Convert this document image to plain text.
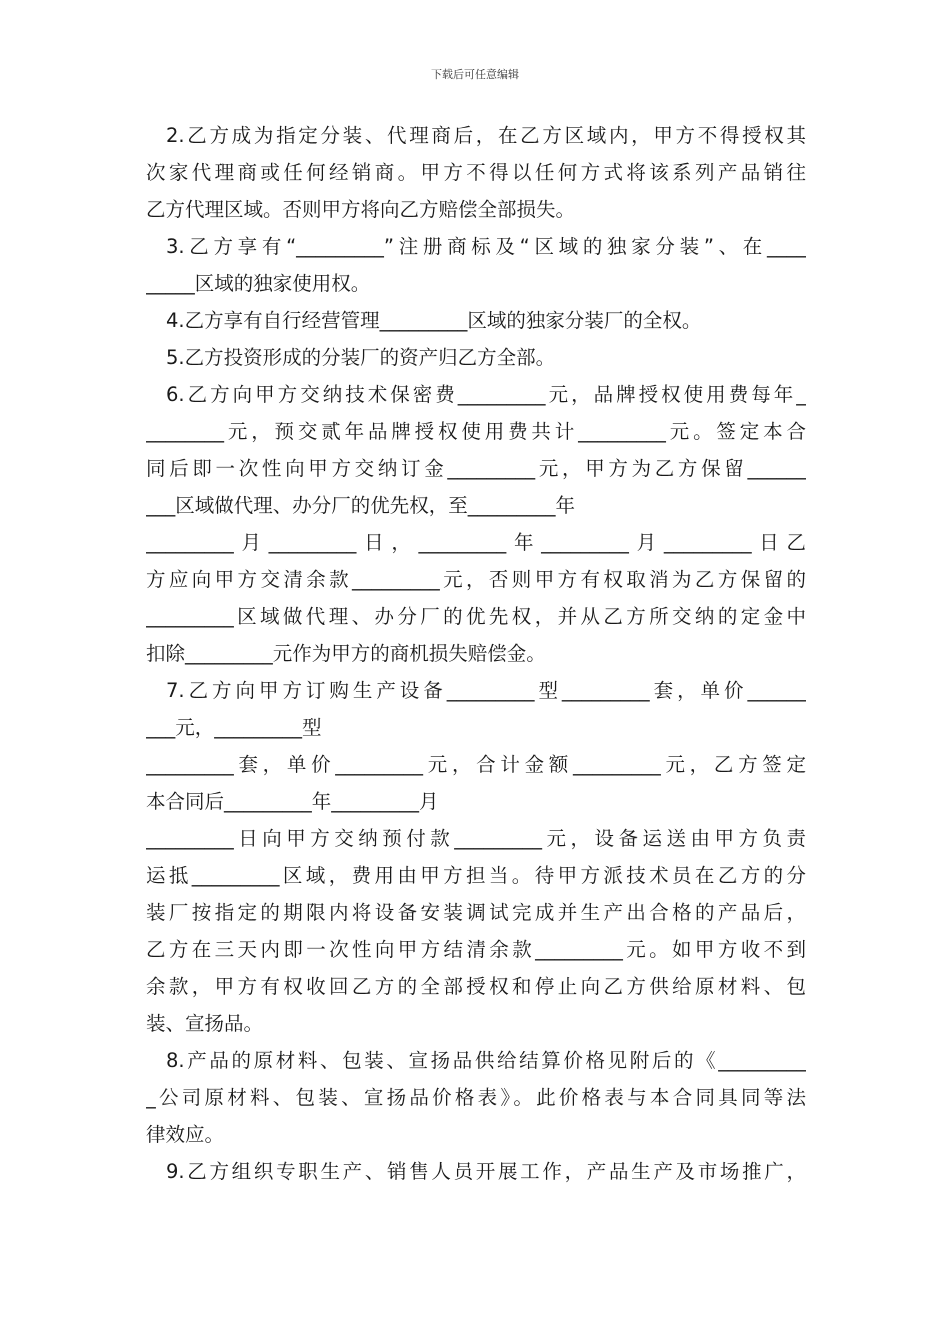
下载后可任意编辑
2.乙方成为指定分装、代理商后，在乙方区域内，甲方不得授权其
次家代理商或任何经销商。甲方不得以任何方式将该系列产品销往
乙方代理区域。否则甲方将向乙方赔偿全部损失。
3.乙方享有“_________”注册商标及“区域的独家分装”、在____
_____区域的独家使用权。
4.乙方享有自行经营管理_________区域的独家分装厂的全权。
5.乙方投资形成的分装厂的资产归乙方全部。
6.乙方向甲方交纳技术保密费_________元，品牌授权使用费每年_
________元，预交贰年品牌授权使用费共计_________元。签定本合
同后即一次性向甲方交纳订金_________元，甲方为乙方保留______
___区域做代理、办分厂的优先权，至_________年
_________月_________日，_________年_________月_________日乙
方应向甲方交清余款_________元，否则甲方有权取消为乙方保留的
_________区域做代理、办分厂的优先权，并从乙方所交纳的定金中
扣除_________元作为甲方的商机损失赔偿金。
7.乙方向甲方订购生产设备_________型_________套，单价______
___元，_________型
_________套，单价_________元，合计金额_________元，乙方签定
本合同后_________年_________月
_________日向甲方交纳预付款_________元，设备运送由甲方负责
运抵_________区域，费用由甲方担当。待甲方派技术员在乙方的分
装厂按指定的期限内将设备安装调试完成并生产出合格的产品后，
乙方在三天内即一次性向甲方结清余款_________元。如甲方收不到
余款，甲方有权收回乙方的全部授权和停止向乙方供给原材料、包
装、宣扬品。
8.产品的原材料、包装、宣扬品供给结算价格见附后的《_________
_公司原材料、包装、宣扬品价格表》。此价格表与本合同具同等法
律效应。
9.乙方组织专职生产、销售人员开展工作，产品生产及市场推广，
